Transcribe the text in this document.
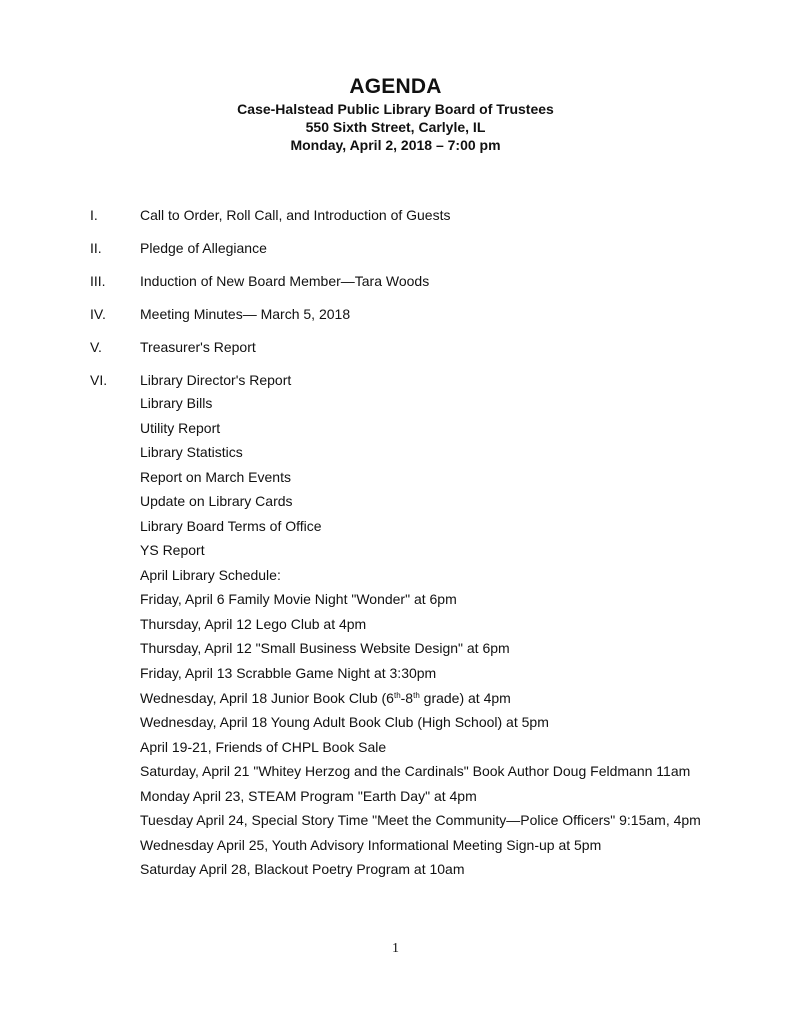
AGENDA
Case-Halstead Public Library Board of Trustees
550 Sixth Street, Carlyle, IL
Monday, April 2, 2018 – 7:00 pm
I.	Call to Order, Roll Call, and Introduction of Guests
II.	Pledge of Allegiance
III. Induction of New Board Member—Tara Woods
IV. Meeting Minutes— March 5, 2018
V.	Treasurer's Report
VI. Library Director's Report
Library Bills
Utility Report
Library Statistics
Report on March Events
Update on Library Cards
Library Board Terms of Office
YS Report
April Library Schedule:
Friday, April 6 Family Movie Night "Wonder" at 6pm
Thursday, April 12 Lego Club at 4pm
Thursday, April 12 "Small Business Website Design" at 6pm
Friday, April 13 Scrabble Game Night at 3:30pm
Wednesday, April 18 Junior Book Club (6th-8th grade) at 4pm
Wednesday, April 18 Young Adult Book Club (High School) at 5pm
April 19-21, Friends of CHPL Book Sale
Saturday, April 21 "Whitey Herzog and the Cardinals" Book Author Doug Feldmann 11am
Monday April 23, STEAM Program "Earth Day" at 4pm
Tuesday April 24, Special Story Time "Meet the Community—Police Officers" 9:15am, 4pm
Wednesday April 25, Youth Advisory Informational Meeting Sign-up at 5pm
Saturday April 28, Blackout Poetry Program at 10am
1
